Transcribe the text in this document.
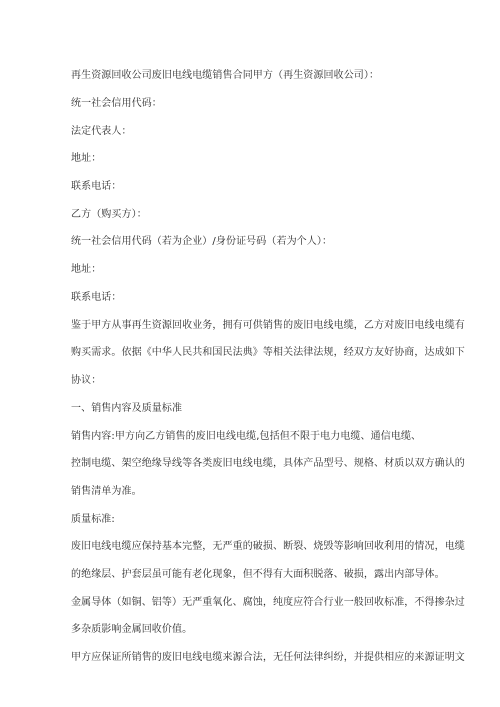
再生资源回收公司废旧电线电缆销售合同甲方（再生资源回收公司）：
统一社会信用代码：
法定代表人：
地址：
联系电话：
乙方（购买方）：
统一社会信用代码（若为企业）/身份证号码（若为个人）：
地址：
联系电话：
鉴于甲方从事再生资源回收业务，拥有可供销售的废旧电线电缆，乙方对废旧电线电缆有
购买需求。依据《中华人民共和国民法典》等相关法律法规，经双方友好协商，达成如下
协议：
一、销售内容及质量标准
销售内容:甲方向乙方销售的废旧电线电缆,包括但不限于电力电缆、通信电缆、
控制电缆、架空绝缘导线等各类废旧电线电缆，具体产品型号、规格、材质以双方确认的
销售清单为准。
质量标准:
废旧电线电缆应保持基本完整，无严重的破损、断裂、烧毁等影响回收利用的情况，电缆
的绝缘层、护套层虽可能有老化现象，但不得有大面积脱落、破损，露出内部导体。
金属导体（如铜、铝等）无严重氧化、腐蚀，纯度应符合行业一般回收标准，不得掺杂过
多杂质影响金属回收价值。
甲方应保证所销售的废旧电线电缆来源合法，无任何法律纠纷，并提供相应的来源证明文
